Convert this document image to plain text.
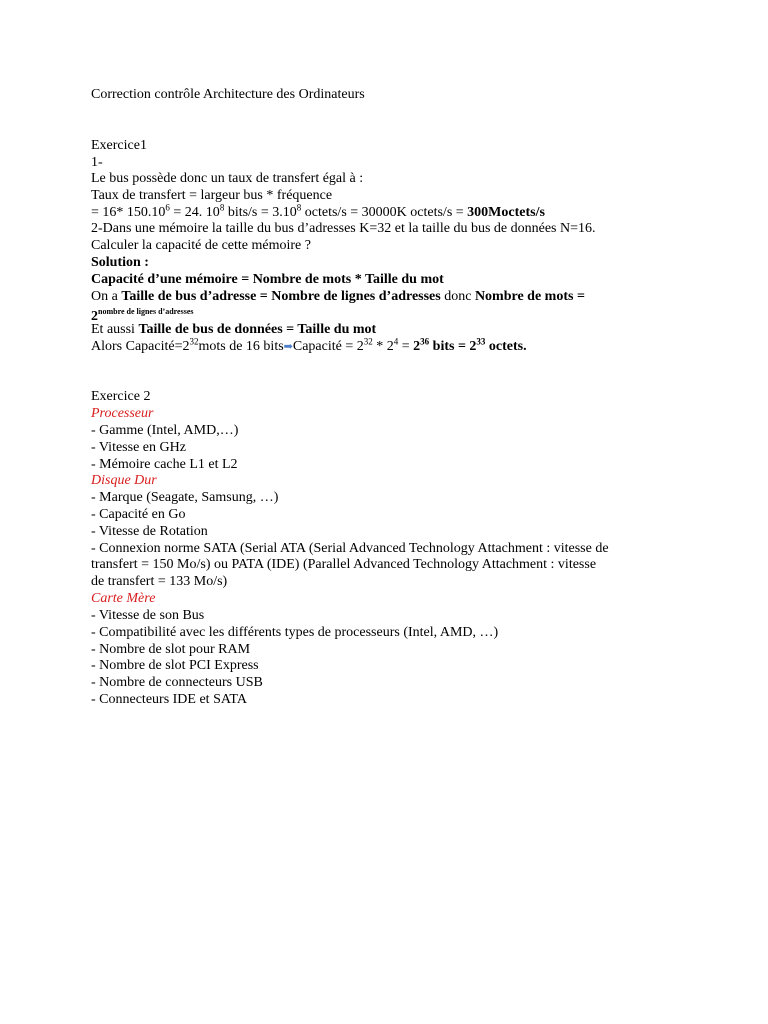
Correction contrôle Architecture des Ordinateurs
Exercice1
1-
Le bus possède donc un taux de transfert égal à :
Taux de transfert = largeur bus * fréquence
= 16* $150.10^6 = 24$. $10^8$ bits/s = $3.10^8$ octets/s = 30000K octets/s = 300Moctets/s
2-Dans une mémoire la taille du bus d’adresses K=32 et la taille du bus de données N=16.
Calculer la capacité de cette mémoire ?
Solution :
Capacité d’une mémoire = Nombre de mots * Taille du mot
On a Taille de bus d’adresse = Nombre de lignes d’adresses donc Nombre de mots =
$2^{nombre de lignes d’adresses}$
Et aussi Taille de bus de données = Taille du mot
Alors $Capacité=2^{32}mots$ de 16 bits➡Capacité = $2^{32} * 2^4 = 2^{36}$ bits = $2^{33}$ octets.
Exercice 2
Processeur
- Gamme (Intel, AMD,…)
- Vitesse en GHz
- Mémoire cache L1 et L2
Disque Dur
- Marque (Seagate, Samsung, …)
- Capacité en Go
- Vitesse de Rotation
- Connexion norme SATA (Serial ATA (Serial Advanced Technology Attachment : vitesse de
transfert = 150 Mo/s) ou PATA (IDE) (Parallel Advanced Technology Attachment : vitesse
de transfert = 133 Mo/s)
Carte Mère
- Vitesse de son Bus
- Compatibilité avec les différents types de processeurs (Intel, AMD, …)
- Nombre de slot pour RAM
- Nombre de slot PCI Express
- Nombre de connecteurs USB
- Connecteurs IDE et SATA
